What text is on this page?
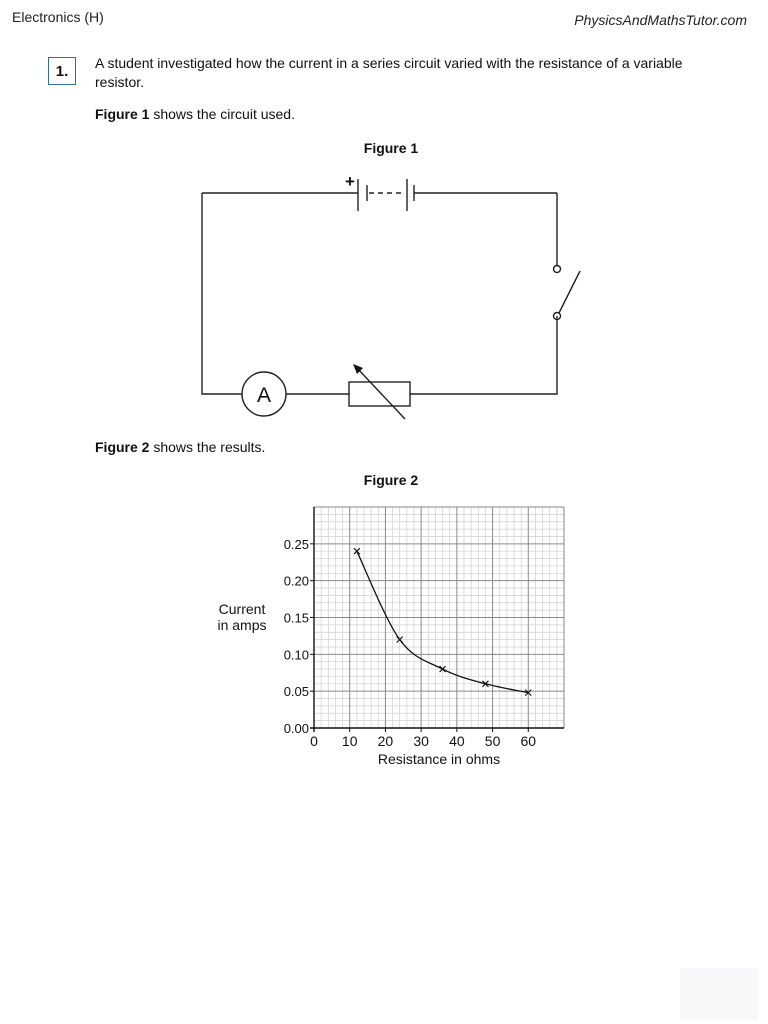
Electronics (H)	PhysicsAndMathsTutor.com
1. A student investigated how the current in a series circuit varied with the resistance of a variable resistor.
Figure 1 shows the circuit used.
Figure 1
+
A
Figure 2 shows the results.
Figure 2
0 10 20 30 40 50 60
0.00
0.05
0.10
0.15
0.20
0.25
Current
in amps
Resistance in ohms
